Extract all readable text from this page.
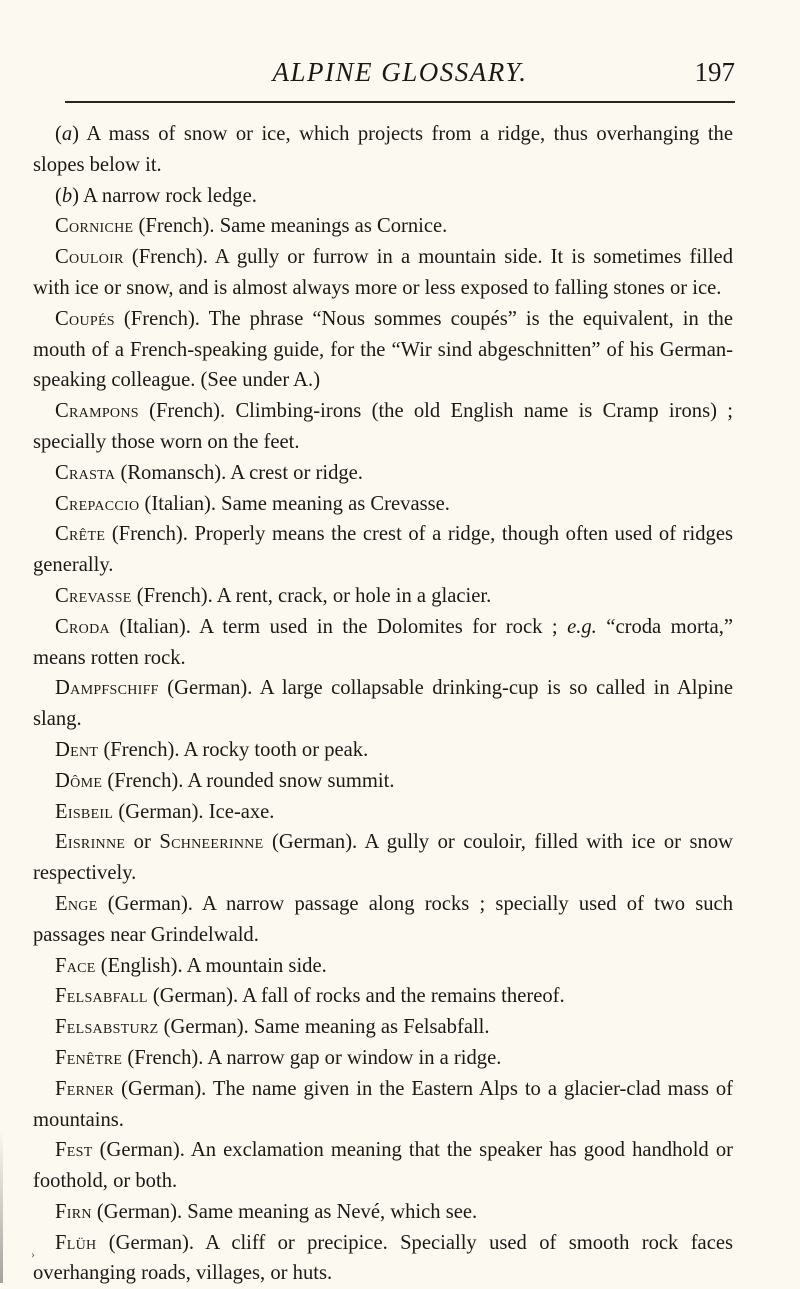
ALPINE GLOSSARY.	197

(a) A mass of snow or ice, which projects from a ridge, thus overhanging the slopes below it.

(b) A narrow rock ledge.

Corniche (French). Same meanings as Cornice.

Couloir (French). A gully or furrow in a mountain side. It is sometimes filled with ice or snow, and is almost always more or less exposed to falling stones or ice.

Coupés (French). The phrase “Nous sommes coupés” is the equivalent, in the mouth of a French-speaking guide, for the “Wir sind abgeschnitten” of his German-speaking colleague. (See under A.)

Crampons (French). Climbing-irons (the old English name is Cramp irons) ; specially those worn on the feet.

Crasta (Romansch). A crest or ridge.

Crepaccio (Italian). Same meaning as Crevasse.

Crête (French). Properly means the crest of a ridge, though often used of ridges generally.

Crevasse (French). A rent, crack, or hole in a glacier.

Croda (Italian). A term used in the Dolomites for rock ; e.g. “croda morta,” means rotten rock.

Dampfschiff (German). A large collapsable drinking-cup is so called in Alpine slang.

Dent (French). A rocky tooth or peak.

Dôme (French). A rounded snow summit.

Eisbeil (German). Ice-axe.

Eisrinne or Schneerinne (German). A gully or couloir, filled with ice or snow respectively.

Enge (German). A narrow passage along rocks ; specially used of two such passages near Grindelwald.

Face (English). A mountain side.

Felsabfall (German). A fall of rocks and the remains thereof.

Felsabsturz (German). Same meaning as Felsabfall.

Fenêtre (French). A narrow gap or window in a ridge.

Ferner (German). The name given in the Eastern Alps to a glacier-clad mass of mountains.

Fest (German). An exclamation meaning that the speaker has good handhold or foothold, or both.

Firn (German). Same meaning as Nevé, which see.

Flüh (German). A cliff or precipice. Specially used of smooth rock faces overhanging roads, villages, or huts.

›
